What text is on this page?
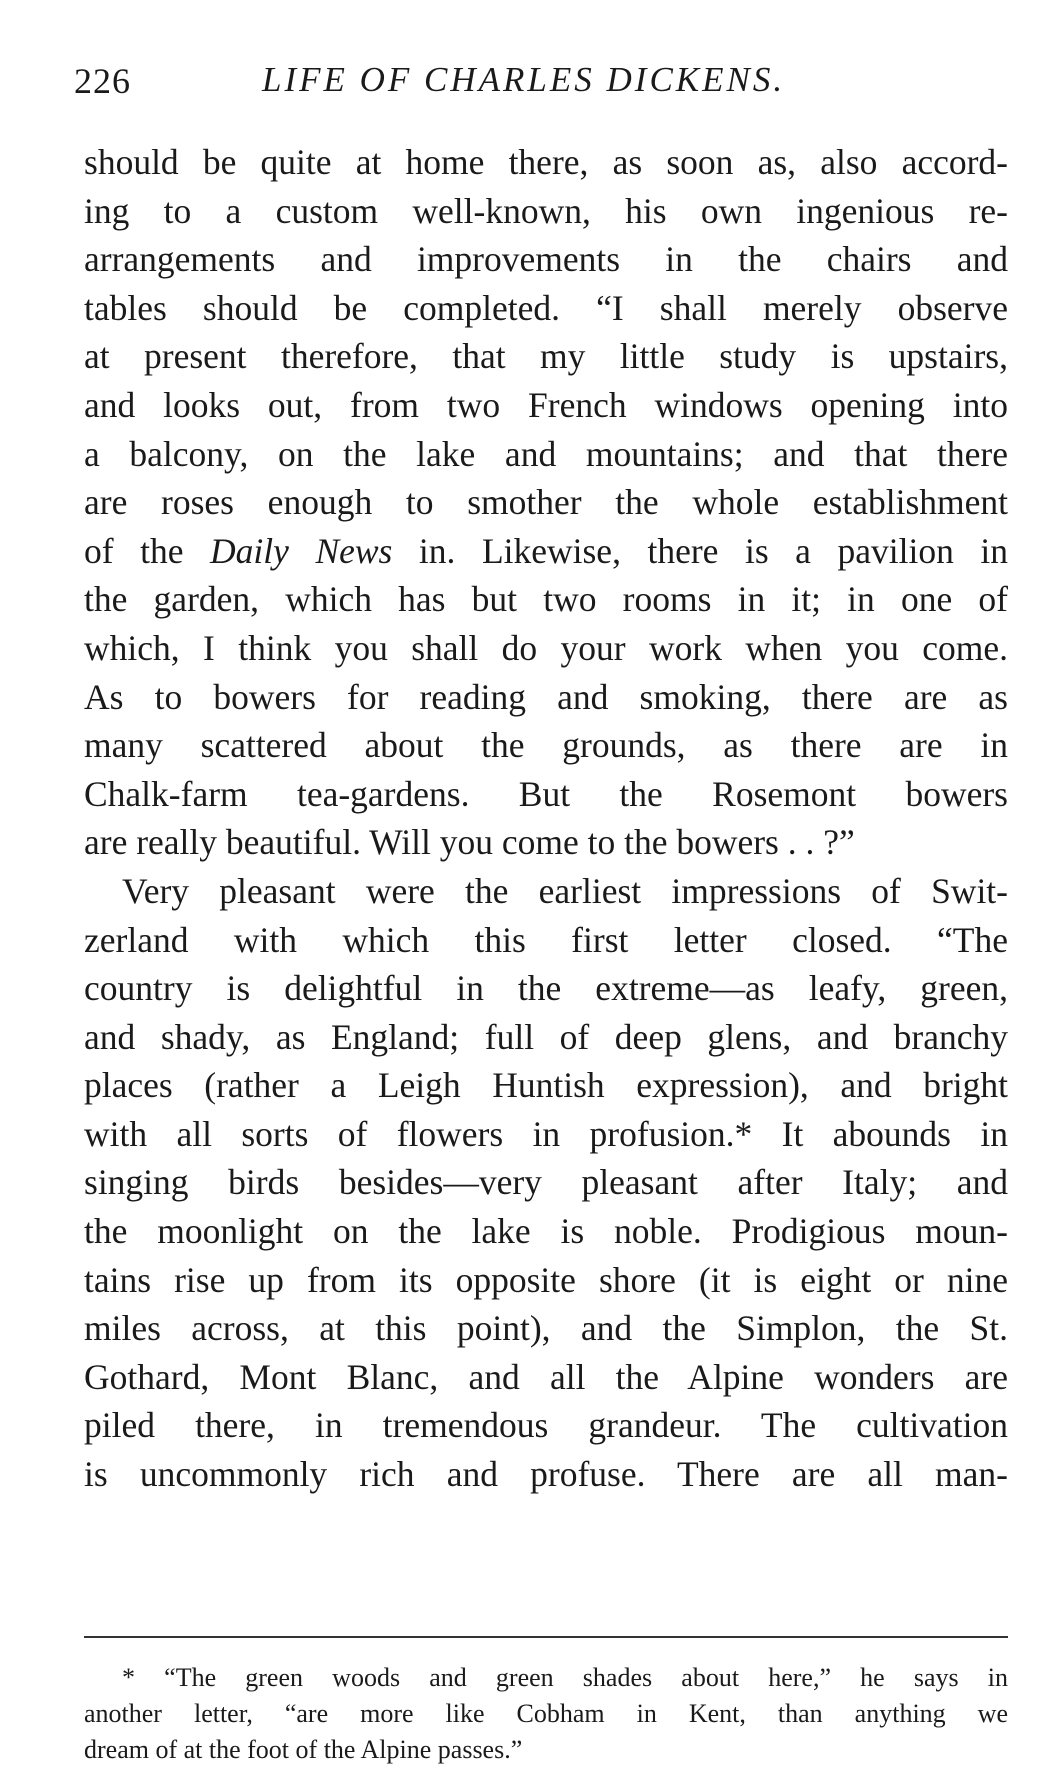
226	LIFE OF CHARLES DICKENS.
should be quite at home there, as soon as, also accord-
ing to a custom well-known, his own ingenious re-
arrangements and improvements in the chairs and
tables should be completed. “I shall merely observe
at present therefore, that my little study is upstairs,
and looks out, from two French windows opening into
a balcony, on the lake and mountains; and that there
are roses enough to smother the whole establishment
of the Daily News in. Likewise, there is a pavilion in
the garden, which has but two rooms in it; in one of
which, I think you shall do your work when you come.
As to bowers for reading and smoking, there are as
many scattered about the grounds, as there are in
Chalk-farm tea-gardens. But the Rosemont bowers
are really beautiful. Will you come to the bowers . . ?”
Very pleasant were the earliest impressions of Swit-
zerland with which this first letter closed. “The
country is delightful in the extreme—as leafy, green,
and shady, as England; full of deep glens, and branchy
places (rather a Leigh Huntish expression), and bright
with all sorts of flowers in profusion.* It abounds in
singing birds besides—very pleasant after Italy; and
the moonlight on the lake is noble. Prodigious moun-
tains rise up from its opposite shore (it is eight or nine
miles across, at this point), and the Simplon, the St.
Gothard, Mont Blanc, and all the Alpine wonders are
piled there, in tremendous grandeur. The cultivation
is uncommonly rich and profuse. There are all man-
* “The green woods and green shades about here,” he says in
another letter, “are more like Cobham in Kent, than anything we
dream of at the foot of the Alpine passes.”
